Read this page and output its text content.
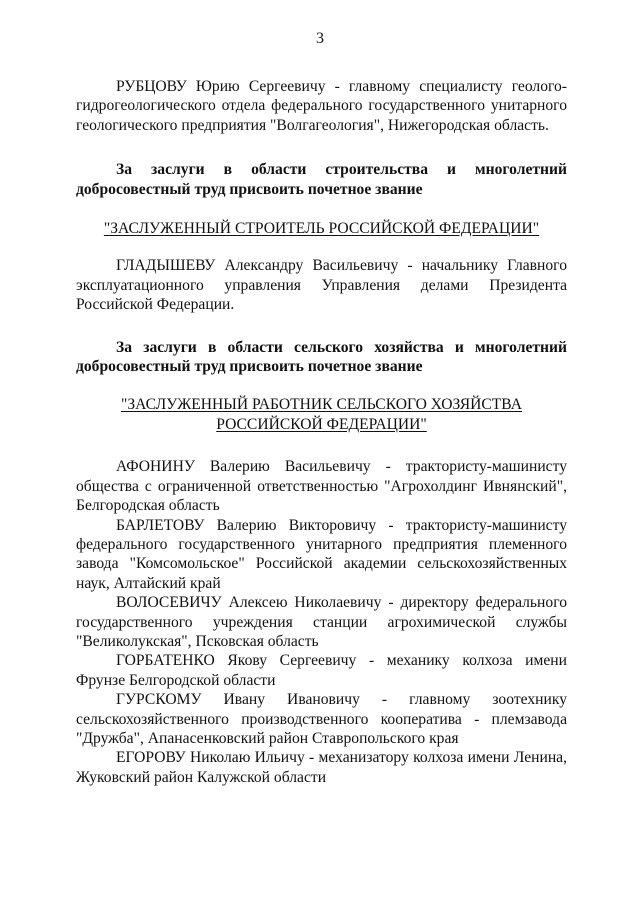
3

РУБЦОВУ Юрию Сергеевичу - главному специалисту геолого-гидрогеологического отдела федерального государственного унитарного геологического предприятия "Волгагеология", Нижегородская область.

За заслуги в области строительства и многолетний добросовестный труд присвоить почетное звание

"ЗАСЛУЖЕННЫЙ СТРОИТЕЛЬ РОССИЙСКОЙ ФЕДЕРАЦИИ"

ГЛАДЫШЕВУ Александру Васильевичу - начальнику Главного эксплуатационного управления Управления делами Президента Российской Федерации.

За заслуги в области сельского хозяйства и многолетний добросовестный труд присвоить почетное звание

"ЗАСЛУЖЕННЫЙ РАБОТНИК СЕЛЬСКОГО ХОЗЯЙСТВА
РОССИЙСКОЙ ФЕДЕРАЦИИ"

АФОНИНУ Валерию Васильевичу - трактористу-машинисту общества с ограниченной ответственностью "Агрохолдинг Ивнянский", Белгородская область

БАРЛЕТОВУ Валерию Викторовичу - трактористу-машинисту федерального государственного унитарного предприятия племенного завода "Комсомольское" Российской академии сельскохозяйственных наук, Алтайский край

ВОЛОСЕВИЧУ Алексею Николаевичу - директору федерального государственного учреждения станции агрохимической службы "Великолукская", Псковская область

ГОРБАТЕНКО Якову Сергеевичу - механику колхоза имени Фрунзе Белгородской области

ГУРСКОМУ Ивану Ивановичу - главному зоотехнику сельскохозяйственного производственного кооператива - племзавода "Дружба", Апанасенковский район Ставропольского края

ЕГОРОВУ Николаю Ильичу - механизатору колхоза имени Ленина, Жуковский район Калужской области
